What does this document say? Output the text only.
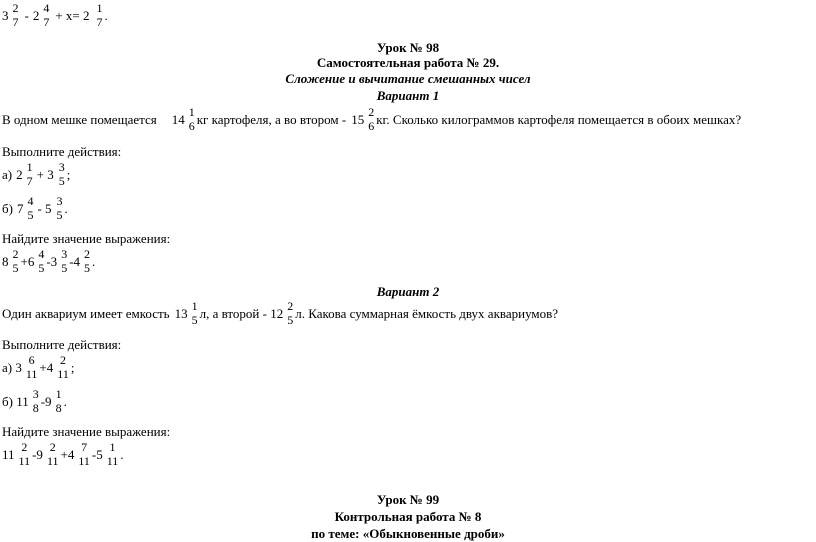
3 2
7 - 2 4
7 + x= 2 1
7 .
Урок № 98
Самостоятельная работа № 29.
Сложение и вычитание смешанных чисел
Вариант 1
В одном мешке помещается 14 1
6 кг картофеля, а во втором - 15 2
6 кг. Сколько килограммов картофеля помещается в обоих мешках?
Выполните действия:
а) 2 1
7 + 3 3
5 ;
б) 7 4
5 - 5 3
5 .
Найдите значение выражения:
8 2
5 +6 4
5 -3 3
5 -4 2
5 .
Вариант 2
Один аквариум имеет емкость 13 1
5 л, а второй - 12 2
5 л. Какова суммарная ёмкость двух аквариумов?
Выполните действия:
а) 3 6
11 +4 2
11 ;
б) 11 3
8 -9 1
8 .
Найдите значение выражения:
11 2
11 -9 2
11 +4 7
11 -5 1
11 .
Урок № 99
Контрольная работа № 8
по теме: «Обыкновенные дроби»
